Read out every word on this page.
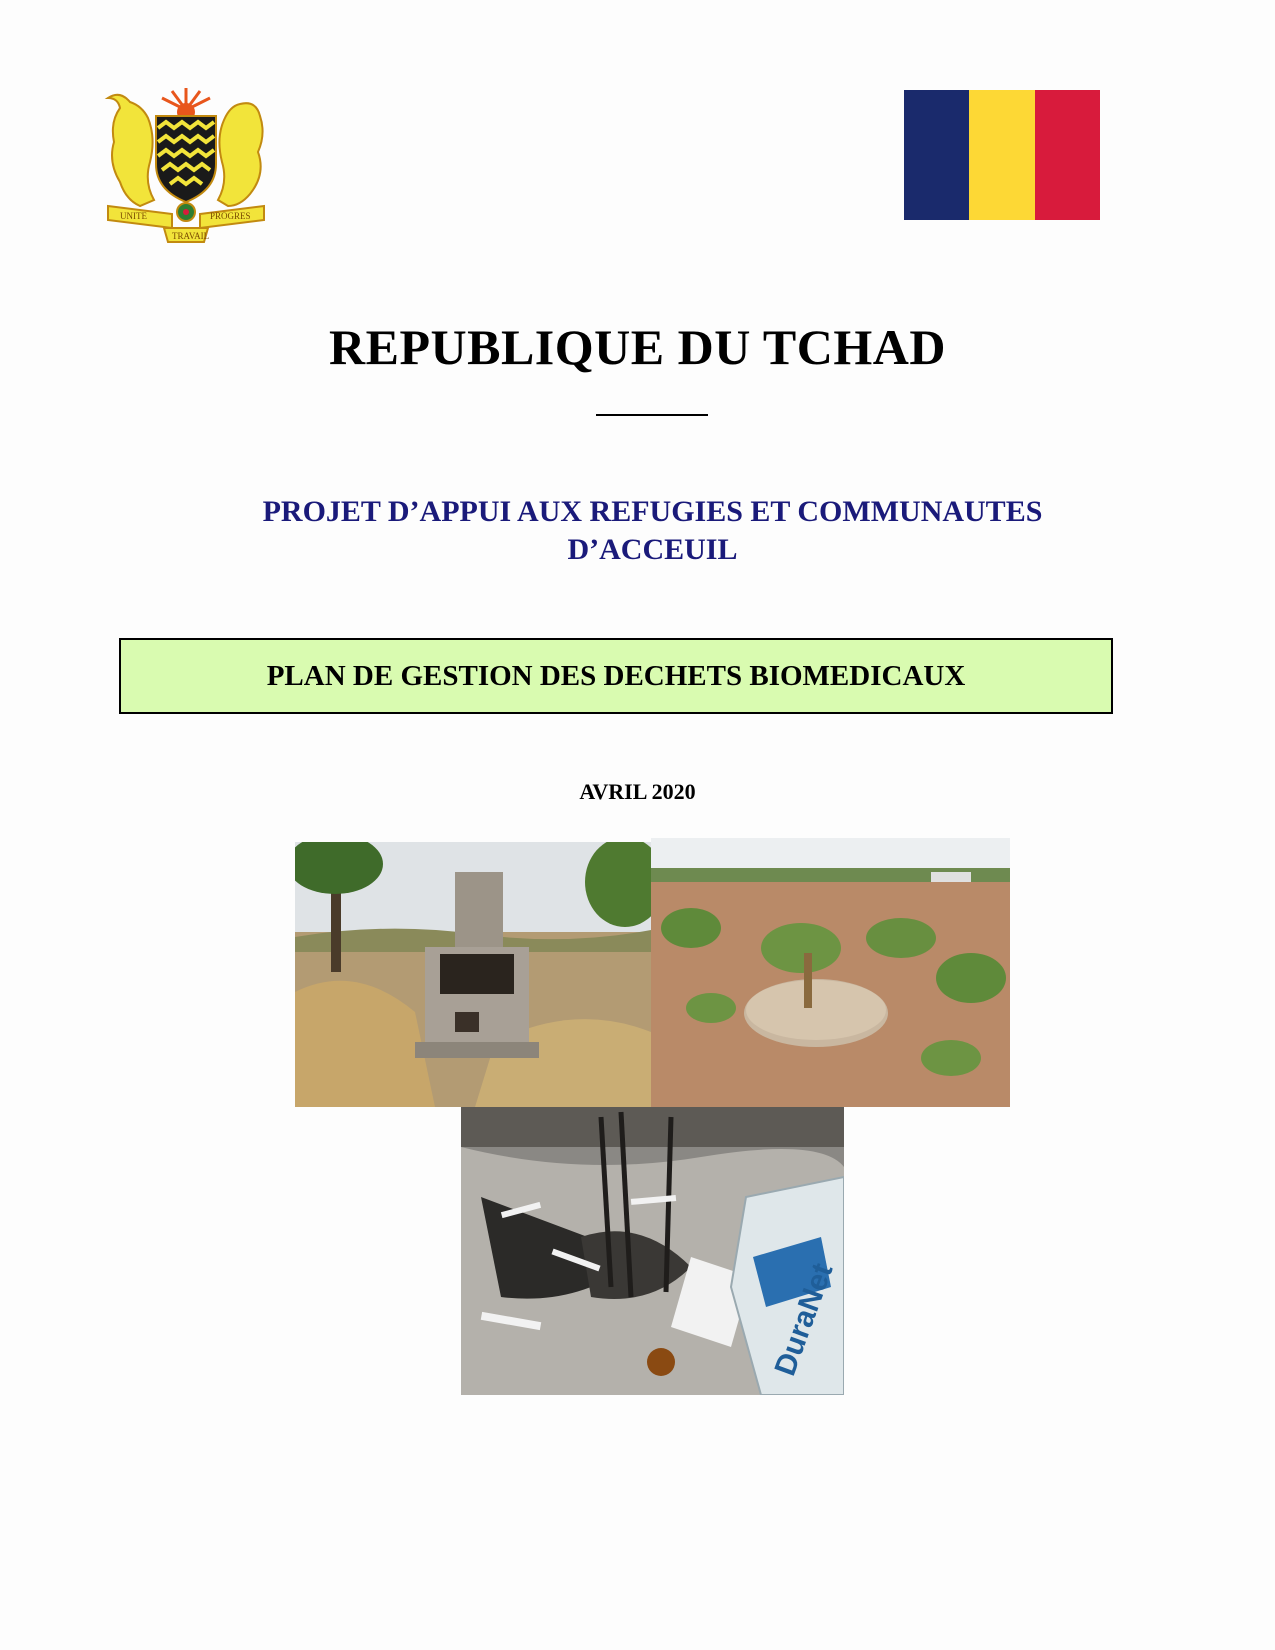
UNITE	PROGRES
TRAVAIL
REPUBLIQUE DU TCHAD
PROJET D’APPUI AUX REFUGIES ET COMMUNAUTES
D’ACCEUIL
PLAN DE GESTION DES DECHETS BIOMEDICAUX
AVRIL 2020
DuraNet
